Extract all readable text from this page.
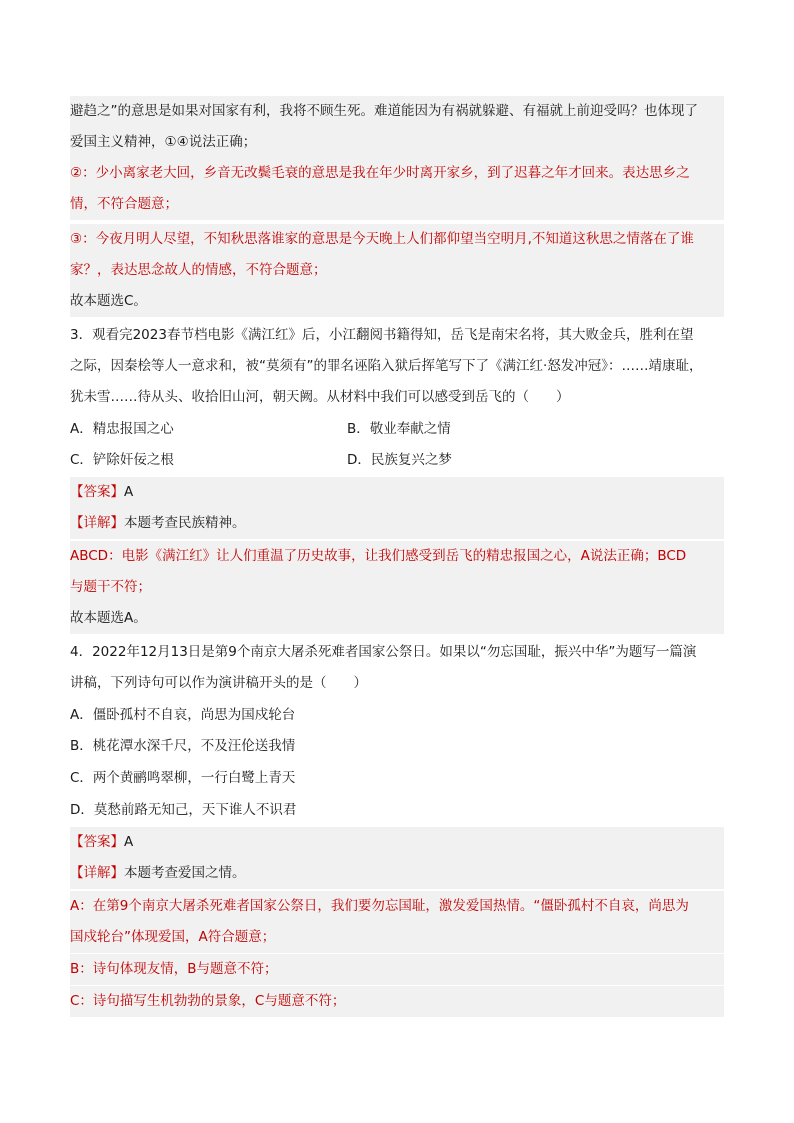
避趋之”的意思是如果对国家有利，我将不顾生死。难道能因为有祸就躲避、有福就上前迎受吗？也体现了
爱国主义精神，①④说法正确；
②：少小离家老大回，乡音无改鬓毛衰的意思是我在年少时离开家乡，到了迟暮之年才回来。表达思乡之
情，不符合题意；
③：今夜月明人尽望，不知秋思落谁家的意思是今天晚上人们都仰望当空明月,不知道这秋思之情落在了谁
家？，表达思念故人的情感，不符合题意；
故本题选C。
3．观看完2023春节档电影《满江红》后，小江翻阅书籍得知，岳飞是南宋名将，其大败金兵，胜利在望
之际，因秦桧等人一意求和，被“莫须有”的罪名诬陷入狱后挥笔写下了《满江红·怒发冲冠》：……靖康耻，
犹未雪……待从头、收拾旧山河，朝天阙。从材料中我们可以感受到岳飞的（　　）
A．精忠报国之心	B．敬业奉献之情
C．铲除奸佞之根	D．民族复兴之梦
【答案】A
【详解】本题考查民族精神。
ABCD：电影《满江红》让人们重温了历史故事，让我们感受到岳飞的精忠报国之心，A说法正确；BCD
与题干不符；
故本题选A。
4．2022年12月13日是第9个南京大屠杀死难者国家公祭日。如果以“勿忘国耻，振兴中华”为题写一篇演
讲稿，下列诗句可以作为演讲稿开头的是（　　）
A．僵卧孤村不自哀，尚思为国戍轮台
B．桃花潭水深千尺，不及汪伦送我情
C．两个黄鹂鸣翠柳，一行白鹭上青天
D．莫愁前路无知己，天下谁人不识君
【答案】A
【详解】本题考查爱国之情。
A：在第9个南京大屠杀死难者国家公祭日，我们要勿忘国耻，激发爱国热情。“僵卧孤村不自哀，尚思为
国戍轮台”体现爱国，A符合题意；
B：诗句体现友情，B与题意不符；
C：诗句描写生机勃勃的景象，C与题意不符；
